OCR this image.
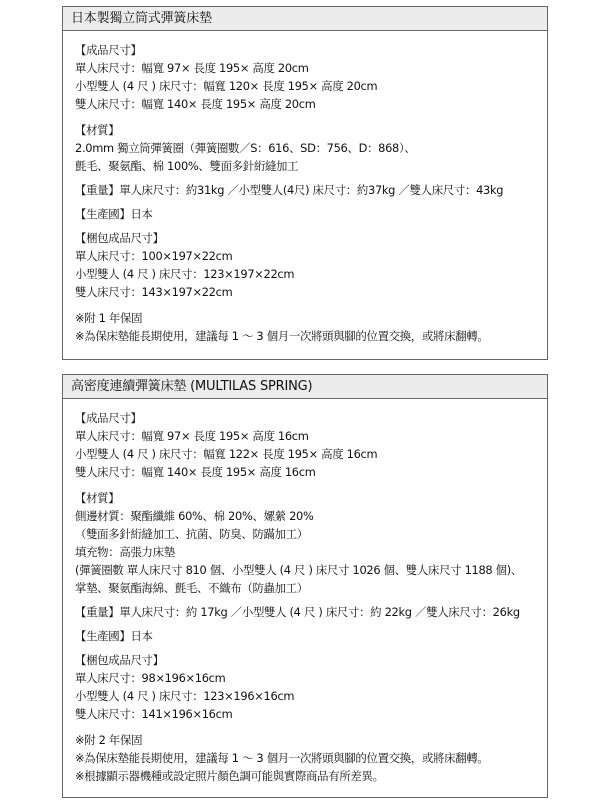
日本製獨立筒式彈簧床墊
【成品尺寸】
單人床尺寸：幅寬 97× 長度 195× 高度 20cm
小型雙人 (4 尺 ) 床尺寸：幅寬 120× 長度 195× 高度 20cm
雙人床尺寸：幅寬 140× 長度 195× 高度 20cm
【材質】
2.0mm 獨立筒彈簧圈（彈簧圈數／S：616、SD：756、D：868）、
氈毛、聚氨酯、棉 100%、雙面多針絎縫加工
【重量】單人床尺寸：約31kg ／小型雙人(4尺) 床尺寸：約37kg ／雙人床尺寸：43kg
【生產國】日本
【梱包成品尺寸】
單人床尺寸：100×197×22cm
小型雙人 (4 尺 ) 床尺寸：123×197×22cm
雙人床尺寸：143×197×22cm
※附 1 年保固
※為保床墊能長期使用，建議每 1 ～ 3 個月一次將頭與腳的位置交換，或將床翻轉。
高密度連續彈簧床墊 (MULTILAS SPRING)
【成品尺寸】
單人床尺寸：幅寬 97× 長度 195× 高度 16cm
小型雙人 (4 尺 ) 床尺寸：幅寬 122× 長度 195× 高度 16cm
雙人床尺寸：幅寬 140× 長度 195× 高度 16cm
【材質】
側邊材質：聚酯纖維 60%、棉 20%、嫘縈 20%
（雙面多針絎縫加工、抗菌、防臭、防蹣加工）
填充物：高張力床墊
(彈簧圈數 單人床尺寸 810 個、小型雙人 (4 尺 ) 床尺寸 1026 個、雙人床尺寸 1188 個)、
掌墊、聚氨酯海綿、氈毛、不織布（防蟲加工）
【重量】單人床尺寸：約 17kg ／小型雙人 (4 尺 ) 床尺寸：約 22kg ／雙人床尺寸：26kg
【生產國】日本
【梱包成品尺寸】
單人床尺寸：98×196×16cm
小型雙人 (4 尺 ) 床尺寸：123×196×16cm
雙人床尺寸：141×196×16cm
※附 2 年保固
※為保床墊能長期使用，建議每 1 ～ 3 個月一次將頭與腳的位置交換，或將床翻轉。
※根據顯示器機種或設定照片顏色調可能與實際商品有所差異。
